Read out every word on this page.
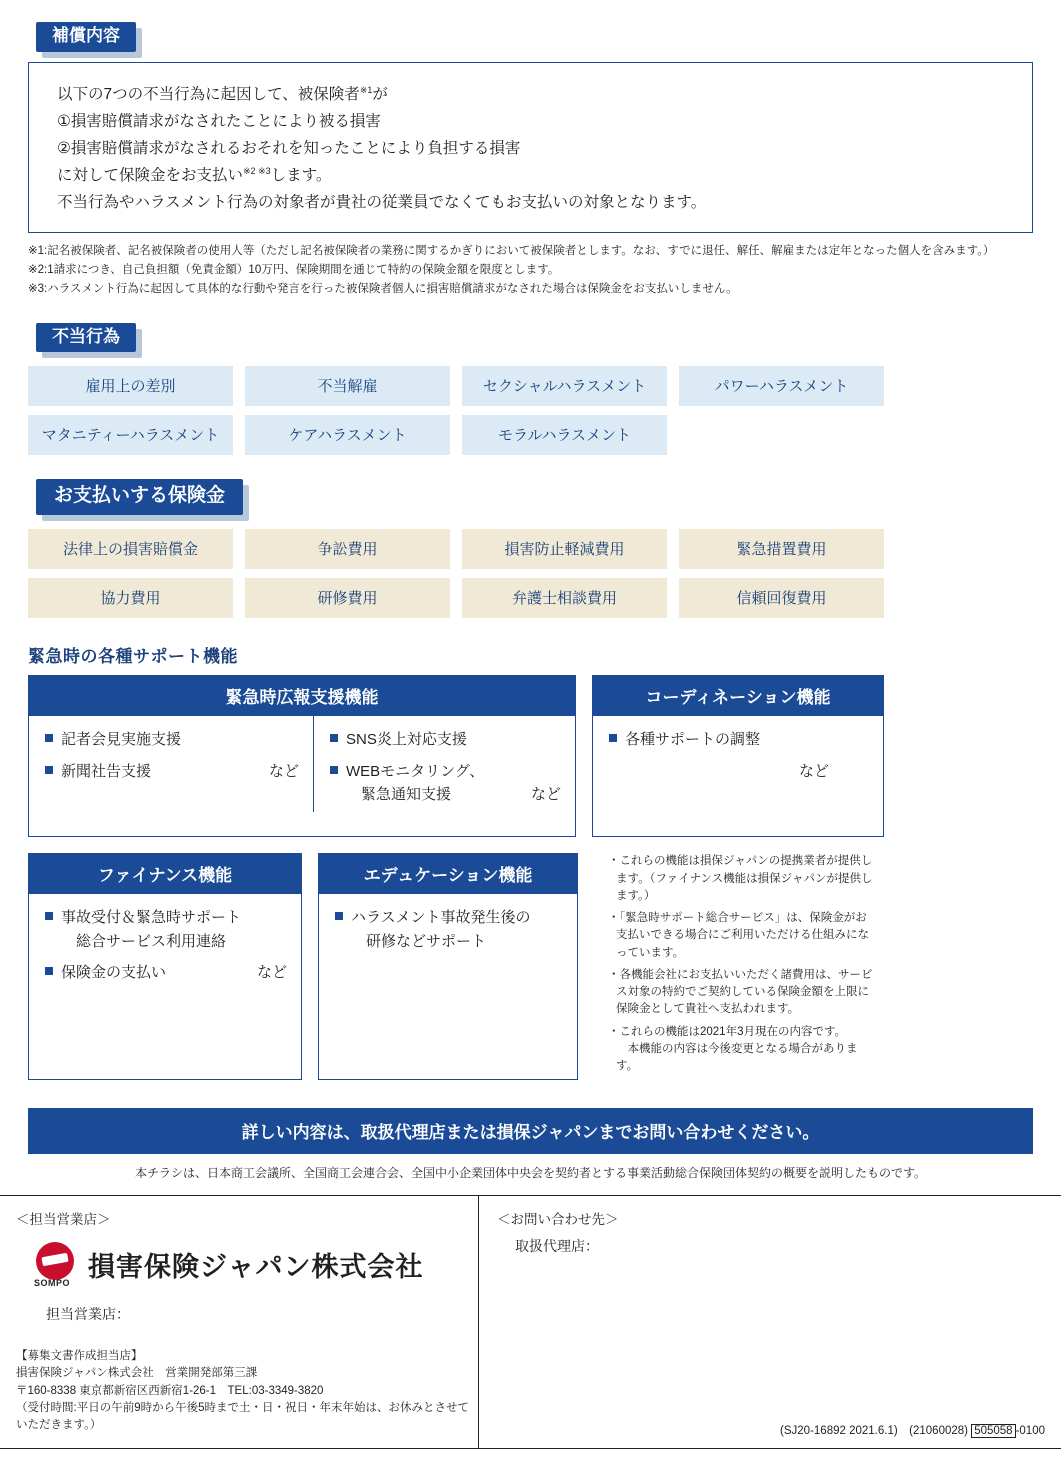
補償内容

以下の7つの不当行為に起因して、被保険者$^{※1}$が

①損害賠償請求がなされたことにより被る損害

②損害賠償請求がなされるおそれを知ったことにより負担する損害

に対して保険金をお支払い$^{※2 ※3}$します。

不当行為やハラスメント行為の対象者が貴社の従業員でなくてもお支払いの対象となります。

※1:記名被保険者、記名被保険者の使用人等（ただし記名被保険者の業務に関するかぎりにおいて被保険者とします。なお、すでに退任、解任、解雇または定年となった個人を含みます。）
※2:1請求につき、自己負担額（免責金額）10万円、保険期間を通じて特約の保険金額を限度とします。
※3:ハラスメント行為に起因して具体的な行動や発言を行った被保険者個人に損害賠償請求がなされた場合は保険金をお支払いしません。
不当行為
雇用上の差別	不当解雇	セクシャルハラスメント	パワーハラスメント
マタニティーハラスメント	ケアハラスメント	モラルハラスメント
お支払いする保険金
法律上の損害賠償金	争訟費用	損害防止軽減費用	緊急措置費用
協力費用	研修費用	弁護士相談費用	信頼回復費用
緊急時の各種サポート機能
緊急時広報支援機能
記者会見実施支援
新聞社告支援	など
SNS炎上対応支援
WEBモニタリング、
　緊急通知支援	など
コーディネーション機能
各種サポートの調整
など
ファイナンス機能
事故受付＆緊急時サポート
　総合サービス利用連絡
保険金の支払い	など
エデュケーション機能
ハラスメント事故発生後の
　研修などサポート

・これらの機能は損保ジャパンの提携業者が提供します。（ファイナンス機能は損保ジャパンが提供します。）

・「緊急時サポート総合サービス」は、保険金がお支払いできる場合にご利用いただける仕組みになっています。

・各機能会社にお支払いいただく諸費用は、サービス対象の特約でご契約している保険金額を上限に保険金として貴社へ支払われます。

・これらの機能は2021年3月現在の内容です。
　本機能の内容は今後変更となる場合があります。

詳しい内容は、取扱代理店または損保ジャパンまでお問い合わせください。
本チラシは、日本商工会議所、全国商工会連合会、全国中小企業団体中央会を契約者とする事業活動総合保険団体契約の概要を説明したものです。
＜担当営業店＞
SOMPO
損害保険ジャパン株式会社
担当営業店：
【募集文書作成担当店】
損害保険ジャパン株式会社　営業開発部第三課
〒160-8338 東京都新宿区西新宿1-26-1　TEL:03-3349-3820
（受付時間:平日の午前9時から午後5時まで土・日・祝日・年末年始は、お休みとさせていただきます。）
＜お問い合わせ先＞
取扱代理店：
(SJ20-16892 2021.6.1)　(21060028) 505058 -0100
